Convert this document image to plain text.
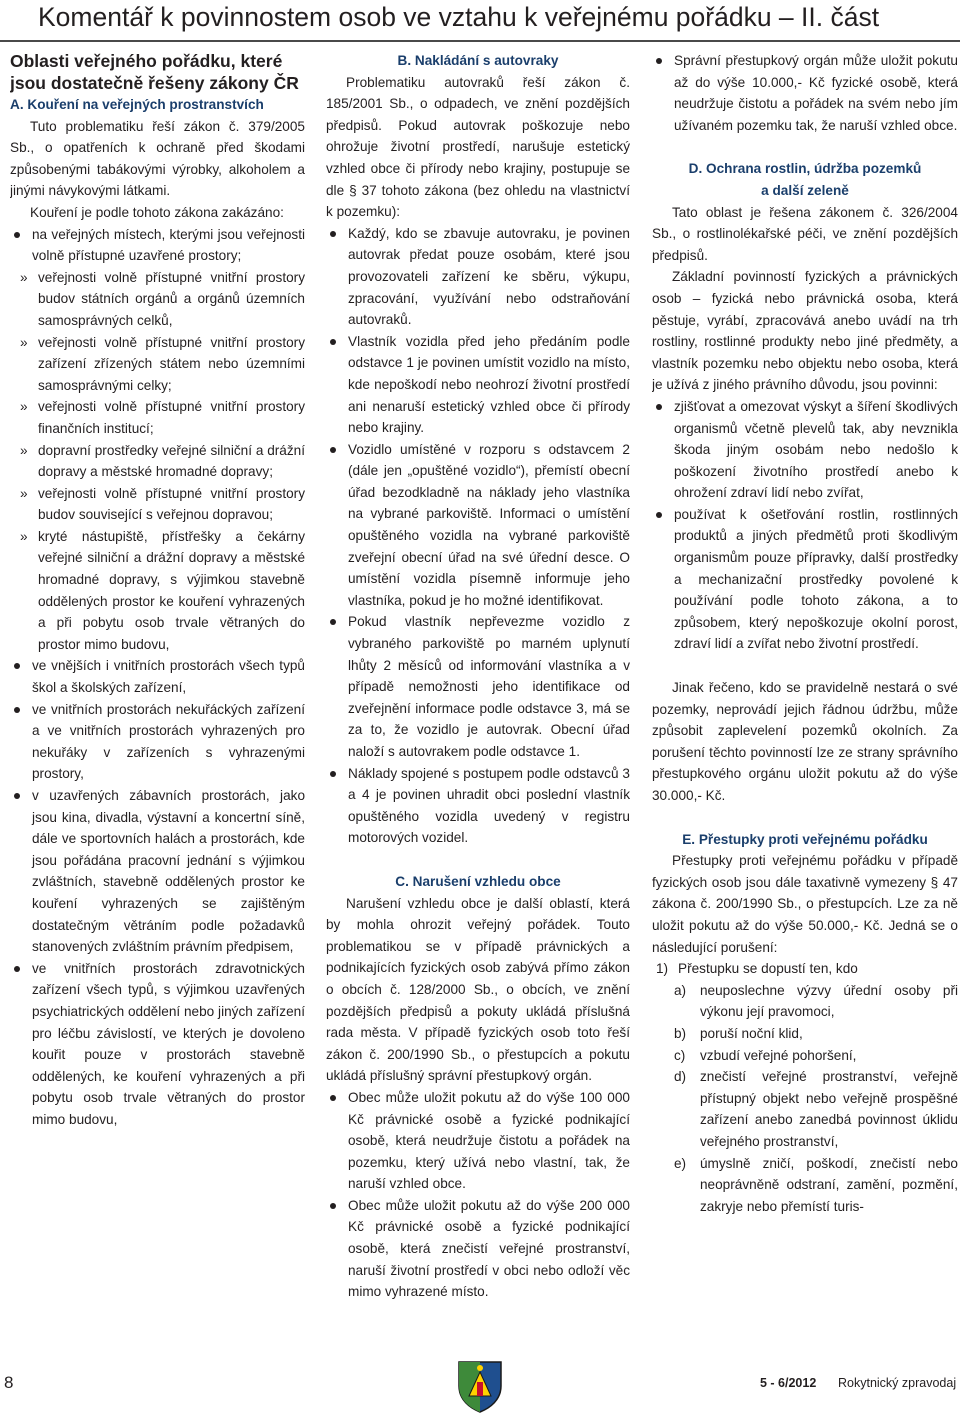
Komentář k povinnostem osob ve vztahu k veřejnému pořádku – II. část

Oblasti veřejného pořádku, které jsou dostatečně řešeny zákony ČR

A. Kouření na veřejných prostranstvích

Tuto problematiku řeší zákon č. 379/2005 Sb., o opatřeních k ochraně před škodami způsobenými tabákovými výrobky, alkoholem a jinými návykovými látkami.

Kouření je podle tohoto zákona zakázáno:

na veřejných místech, kterými jsou veřejnosti volně přístupné uzavřené prostory;
» veřejnosti volně přístupné vnitřní prostory budov státních orgánů a orgánů územních samosprávných celků,
» veřejnosti volně přístupné vnitřní prostory zařízení zřízených státem nebo územními samosprávnými celky;
» veřejnosti volně přístupné vnitřní prostory finančních institucí;
» dopravní prostředky veřejné silniční a drážní dopravy a městské hromadné dopravy;
» veřejnosti volně přístupné vnitřní prostory budov související s veřejnou dopravou;
» kryté nástupiště, přístřešky a čekárny veřejné silniční a drážní dopravy a městské hromadné dopravy, s výjimkou stavebně oddělených prostor ke kouření vyhrazených a při pobytu osob trvale větraných do prostor mimo budovu,
ve vnějších i vnitřních prostorách všech typů škol a školských zařízení,
ve vnitřních prostorách nekuřáckých zařízení a ve vnitřních prostorách vyhrazených pro nekuřáky v zařízeních s vyhrazenými prostory,
v uzavřených zábavních prostorách, jako jsou kina, divadla, výstavní a koncertní síně, dále ve sportovních halách a prostorách, kde jsou pořádána pracovní jednání s výjimkou zvláštních, stavebně oddělených prostor ke kouření vyhrazených se zajištěným dostatečným větráním podle požadavků stanovených zvláštním právním předpisem,
ve vnitřních prostorách zdravotnických zařízení všech typů, s výjimkou uzavřených psychiatrických oddělení nebo jiných zařízení pro léčbu závislostí, ve kterých je dovoleno kouřit pouze v prostorách stavebně oddělených, ke kouření vyhrazených a při pobytu osob trvale větraných do prostor mimo budovu,

B. Nakládání s autovraky

Problematiku autovraků řeší zákon č. 185/2001 Sb., o odpadech, ve znění pozdějších předpisů. Pokud autovrak poškozuje nebo ohrožuje životní prostředí, narušuje estetický vzhled obce či přírody nebo krajiny, postupuje se dle § 37 tohoto zákona (bez ohledu na vlastnictví k pozemku):

Každý, kdo se zbavuje autovraku, je povinen autovrak předat pouze osobám, které jsou provozovateli zařízení ke sběru, výkupu, zpracování, využívání nebo odstraňování autovraků.
Vlastník vozidla před jeho předáním podle odstavce 1 je povinen umístit vozidlo na místo, kde nepoškodí nebo neohrozí životní prostředí ani nenaruší estetický vzhled obce či přírody nebo krajiny.
Vozidlo umístěné v rozporu s odstavcem 2 (dále jen „opuštěné vozidlo“), přemístí obecní úřad bezodkladně na náklady jeho vlastníka na vybrané parkoviště. Informaci o umístění opuštěného vozidla na vybrané parkoviště zveřejní obecní úřad na své úřední desce. O umístění vozidla písemně informuje jeho vlastníka, pokud je ho možné identifikovat.
Pokud vlastník nepřevezme vozidlo z vybraného parkoviště po marném uplynutí lhůty 2 měsíců od informování vlastníka a v případě nemožnosti jeho identifikace od zveřejnění informace podle odstavce 3, má se za to, že vozidlo je autovrak. Obecní úřad naloží s autovrakem podle odstavce 1.
Náklady spojené s postupem podle odstavců 3 a 4 je povinen uhradit obci poslední vlastník opuštěného vozidla uvedený v registru motorových vozidel.

C. Narušení vzhledu obce

Narušení vzhledu obce je další oblastí, která by mohla ohrozit veřejný pořádek. Touto problematikou se v případě právnických a podnikajících fyzických osob zabývá přímo zákon o obcích č. 128/2000 Sb., o obcích, ve znění pozdějších předpisů a pokuty ukládá příslušná rada města. V případě fyzických osob toto řeší zákon č. 200/1990 Sb., o přestupcích a pokutu ukládá příslušný správní přestupkový orgán.

Obec může uložit pokutu až do výše 100 000 Kč právnické osobě a fyzické podnikající osobě, která neudržuje čistotu a pořádek na pozemku, který užívá nebo vlastní, tak, že naruší vzhled obce.
Obec může uložit pokutu až do výše 200 000 Kč právnické osobě a fyzické podnikající osobě, která znečistí veřejné prostranství, naruší životní prostředí v obci nebo odloží věc mimo vyhrazené místo.
Správní přestupkový orgán může uložit pokutu až do výše 10.000,- Kč fyzické osobě, která neudržuje čistotu a pořádek na svém nebo jím užívaném pozemku tak, že naruší vzhled obce.

D. Ochrana rostlin, údržba pozemků

a další zeleně

Tato oblast je řešena zákonem č. 326/2004 Sb., o rostlinolékařské péči, ve znění pozdějších předpisů.

Základní povinností fyzických a právnických osob – fyzická nebo právnická osoba, která pěstuje, vyrábí, zpracovává anebo uvádí na trh rostliny, rostlinné produkty nebo jiné předměty, a vlastník pozemku nebo objektu nebo osoba, která je užívá z jiného právního důvodu, jsou povinni:

zjišťovat a omezovat výskyt a šíření škodlivých organismů včetně plevelů tak, aby nevznikla škoda jiným osobám nebo nedošlo k poškození životního prostředí anebo k ohrožení zdraví lidí nebo zvířat,
používat k ošetřování rostlin, rostlinných produktů a jiných předmětů proti škodlivým organismům pouze přípravky, další prostředky a mechanizační prostředky povolené k používání podle tohoto zákona, a to způsobem, který nepoškozuje okolní porost, zdraví lidí a zvířat nebo životní prostředí.

Jinak řečeno, kdo se pravidelně nestará o své pozemky, neprovádí jejich řádnou údržbu, může způsobit zaplevelení pozemků okolních. Za porušení těchto povinností lze ze strany správního přestupkového orgánu uložit pokutu až do výše 30.000,- Kč.

E. Přestupky proti veřejnému pořádku

Přestupky proti veřejnému pořádku v případě fyzických osob jsou dále taxativně vymezeny § 47 zákona č. 200/1990 Sb., o přestupcích. Lze za ně uložit pokutu až do výše 50.000,- Kč. Jedná se o následující porušení:

1) Přestupku se dopustí ten, kdo
a) neuposlechne výzvy úřední osoby při výkonu její pravomoci,
b) poruší noční klid,
c) vzbudí veřejné pohoršení,
d) znečistí veřejné prostranství, veřejně přístupný objekt nebo veřejně prospěšné zařízení anebo zanedbá povinnost úklidu veřejného prostranství,
e) úmyslně zničí, poškodí, znečistí nebo neoprávněně odstraní, zamění, pozmění, zakryje nebo přemístí turis-
8	5 - 6/2012 Rokytnický zpravodaj
